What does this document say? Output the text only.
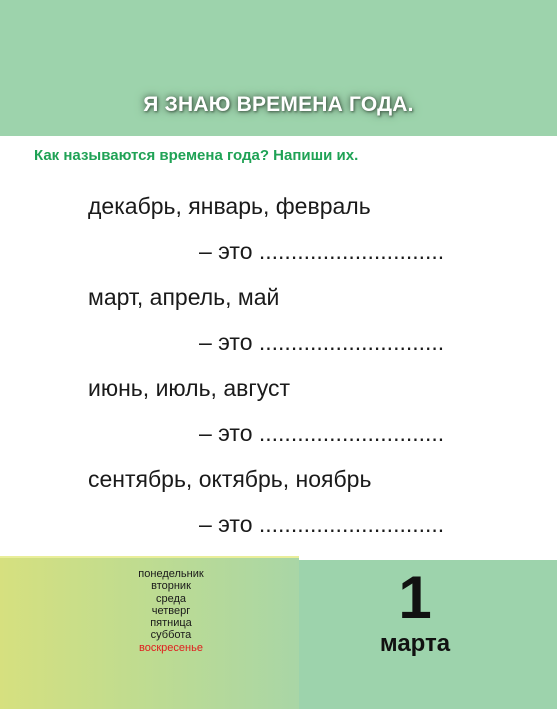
Я ЗНАЮ ВРЕМЕНА ГОДА.
Как называются времена года? Напиши их.
декабрь, январь, февраль
– это .............................
март, апрель, май
– это .............................
июнь, июль, август
– это .............................
сентябрь, октябрь, ноябрь
– это .............................
понедельник
вторник
среда
четверг
пятница
суббота
воскресенье
1
марта
